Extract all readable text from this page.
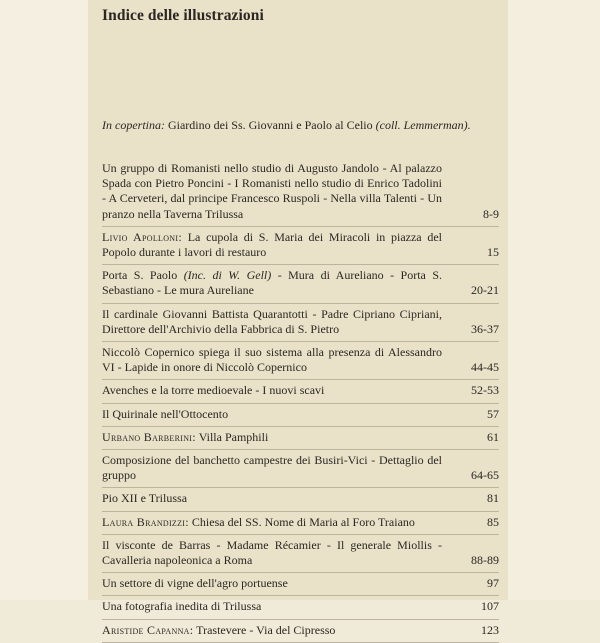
Indice delle illustrazioni
In copertina: Giardino dei Ss. Giovanni e Paolo al Celio (coll. Lemmerman).
Un gruppo di Romanisti nello studio di Augusto Jandolo - Al palazzo Spada con Pietro Poncini - I Romanisti nello studio di Enrico Tadolini - A Cerveteri, dal principe Francesco Ruspoli - Nella villa Talenti - Un pranzo nella Taverna Trilussa	8-9
Livio Apolloni: La cupola di S. Maria dei Miracoli in piazza del Popolo durante i lavori di restauro	15
Porta S. Paolo (Inc. di W. Gell) - Mura di Aureliano - Porta S. Sebastiano - Le mura Aureliane	20-21
Il cardinale Giovanni Battista Quarantotti - Padre Cipriano Cipriani, Direttore dell'Archivio della Fabbrica di S. Pietro	36-37
Niccolò Copernico spiega il suo sistema alla presenza di Alessandro VI - Lapide in onore di Niccolò Copernico	44-45
Avenches e la torre medioevale - I nuovi scavi	52-53
Il Quirinale nell'Ottocento	57
Urbano Barberini: Villa Pamphili	61
Composizione del banchetto campestre dei Busiri-Vici - Dettaglio del gruppo	64-65
Pio XII e Trilussa	81
Laura Brandizzi: Chiesa del SS. Nome di Maria al Foro Traiano	85
Il visconte de Barras - Madame Récamier - Il generale Miollis - Cavalleria napoleonica a Roma	88-89
Un settore di vigne dell'agro portuense	97
Una fotografia inedita di Trilussa	107
Aristide Capanna: Trastevere - Via del Cipresso	123
